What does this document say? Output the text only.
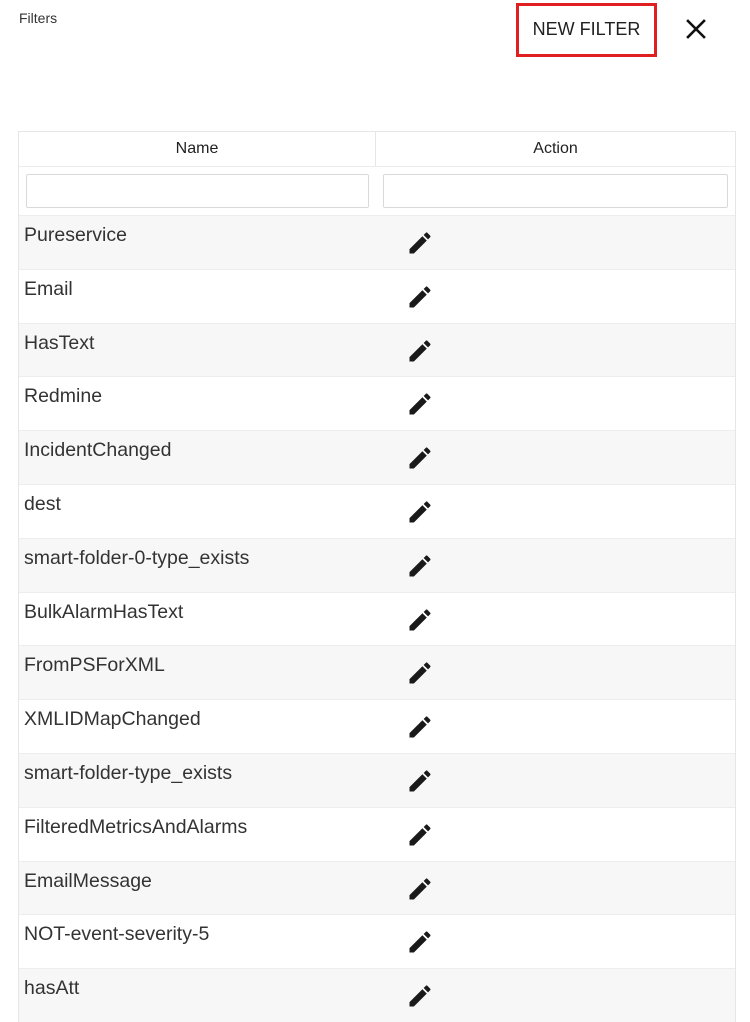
Filters
NEW FILTER
Name	Action
Pureservice
Email
HasText
Redmine
IncidentChanged
dest
smart-folder-0-type_exists
BulkAlarmHasText
FromPSForXML
XMLIDMapChanged
smart-folder-type_exists
FilteredMetricsAndAlarms
EmailMessage
NOT-event-severity-5
hasAtt
